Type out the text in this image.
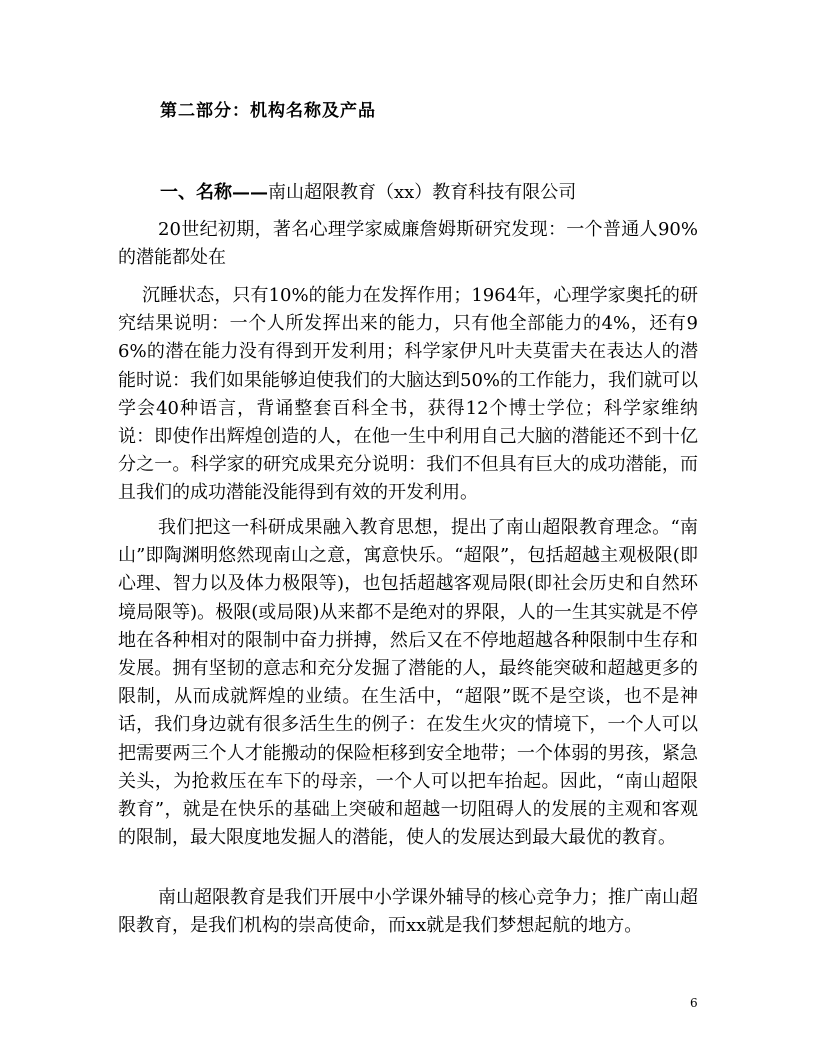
第二部分：机构名称及产品

一、名称——南山超限教育（xx）教育科技有限公司

20世纪初期，著名心理学家威廉詹姆斯研究发现：一个普通人90%的潜能都处在

沉睡状态，只有10%的能力在发挥作用；1964年，心理学家奥托的研究结果说明：一个人所发挥出来的能力，只有他全部能力的4%，还有96%的潜在能力没有得到开发利用；科学家伊凡叶夫莫雷夫在表达人的潜能时说：我们如果能够迫使我们的大脑达到50%的工作能力，我们就可以学会40种语言，背诵整套百科全书，获得12个博士学位；科学家维纳说：即使作出辉煌创造的人，在他一生中利用自己大脑的潜能还不到十亿分之一。科学家的研究成果充分说明：我们不但具有巨大的成功潜能，而且我们的成功潜能没能得到有效的开发利用。

我们把这一科研成果融入教育思想，提出了南山超限教育理念。“南山”即陶渊明悠然现南山之意，寓意快乐。“超限”，包括超越主观极限(即心理、智力以及体力极限等)，也包括超越客观局限(即社会历史和自然环境局限等)。极限(或局限)从来都不是绝对的界限，人的一生其实就是不停地在各种相对的限制中奋力拼搏，然后又在不停地超越各种限制中生存和发展。拥有坚韧的意志和充分发掘了潜能的人，最终能突破和超越更多的限制，从而成就辉煌的业绩。在生活中，“超限”既不是空谈，也不是神话，我们身边就有很多活生生的例子：在发生火灾的情境下，一个人可以把需要两三个人才能搬动的保险柜移到安全地带；一个体弱的男孩，紧急关头，为抢救压在车下的母亲，一个人可以把车抬起。因此，“南山超限教育”，就是在快乐的基础上突破和超越一切阻碍人的发展的主观和客观的限制，最大限度地发掘人的潜能，使人的发展达到最大最优的教育。

南山超限教育是我们开展中小学课外辅导的核心竞争力；推广南山超限教育，是我们机构的崇高使命，而xx就是我们梦想起航的地方。

6
